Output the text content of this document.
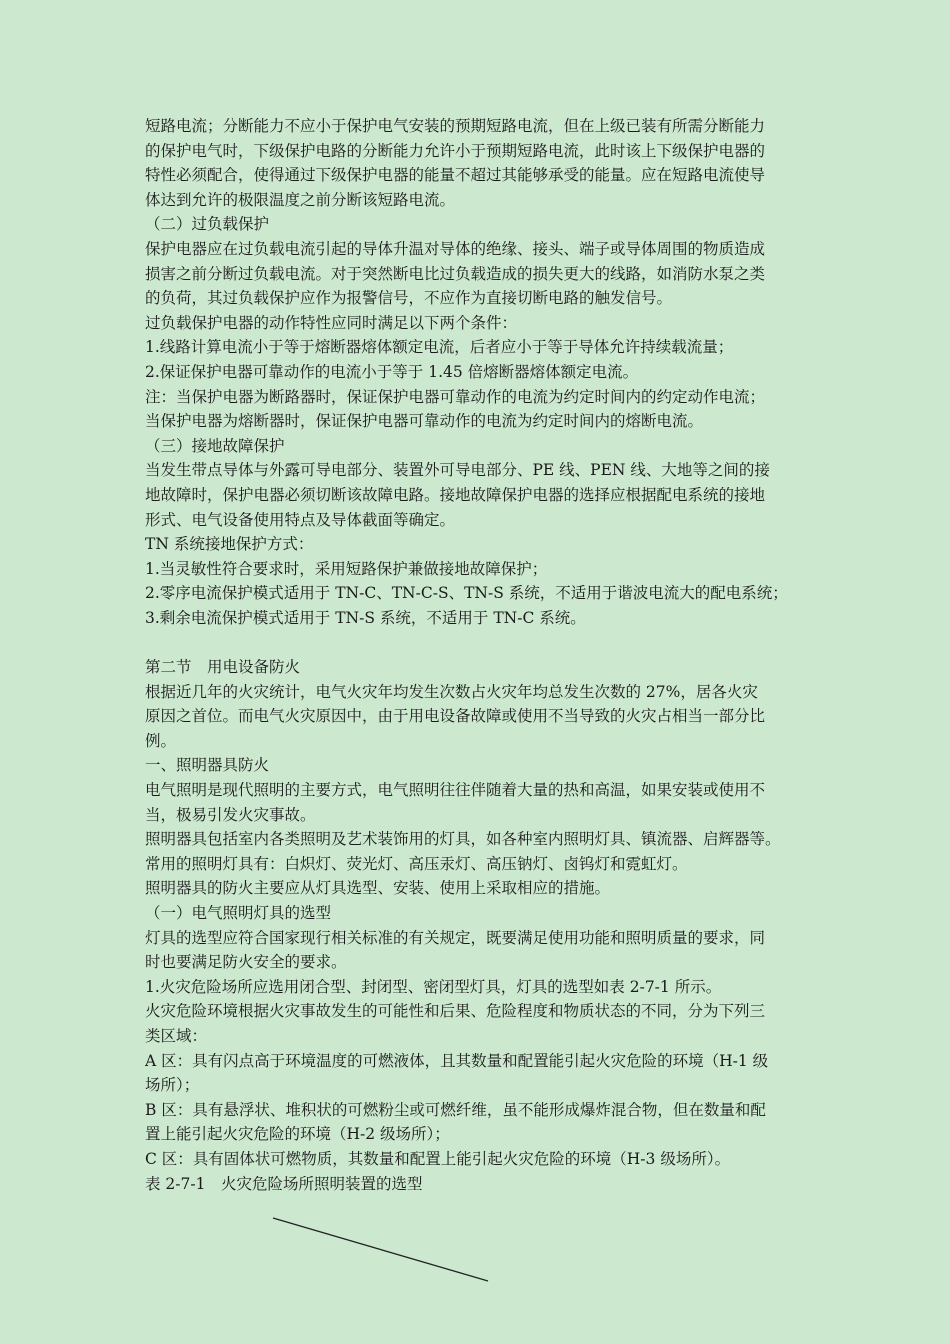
短路电流；分断能力不应小于保护电气安装的预期短路电流，但在上级已装有所需分断能力
的保护电气时，下级保护电路的分断能力允许小于预期短路电流，此时该上下级保护电器的
特性必须配合，使得通过下级保护电器的能量不超过其能够承受的能量。应在短路电流使导
体达到允许的极限温度之前分断该短路电流。
（二）过负载保护
保护电器应在过负载电流引起的导体升温对导体的绝缘、接头、端子或导体周围的物质造成
损害之前分断过负载电流。对于突然断电比过负载造成的损失更大的线路，如消防水泵之类
的负荷，其过负载保护应作为报警信号，不应作为直接切断电路的触发信号。
过负载保护电器的动作特性应同时满足以下两个条件：
1.线路计算电流小于等于熔断器熔体额定电流，后者应小于等于导体允许持续载流量；
2.保证保护电器可靠动作的电流小于等于 1.45 倍熔断器熔体额定电流。
注：当保护电器为断路器时，保证保护电器可靠动作的电流为约定时间内的约定动作电流；
当保护电器为熔断器时，保证保护电器可靠动作的电流为约定时间内的熔断电流。
（三）接地故障保护
当发生带点导体与外露可导电部分、装置外可导电部分、PE 线、PEN 线、大地等之间的接
地故障时，保护电器必须切断该故障电路。接地故障保护电器的选择应根据配电系统的接地
形式、电气设备使用特点及导体截面等确定。
TN 系统接地保护方式：
1.当灵敏性符合要求时，采用短路保护兼做接地故障保护；
2.零序电流保护模式适用于 TN-C、TN-C-S、TN-S 系统，不适用于谐波电流大的配电系统；
3.剩余电流保护模式适用于 TN-S 系统，不适用于 TN-C 系统。
第二节　用电设备防火
根据近几年的火灾统计，电气火灾年均发生次数占火灾年均总发生次数的 27%，居各火灾
原因之首位。而电气火灾原因中，由于用电设备故障或使用不当导致的火灾占相当一部分比
例。
一、照明器具防火
电气照明是现代照明的主要方式，电气照明往往伴随着大量的热和高温，如果安装或使用不
当，极易引发火灾事故。
照明器具包括室内各类照明及艺术装饰用的灯具，如各种室内照明灯具、镇流器、启辉器等。
常用的照明灯具有：白炽灯、荧光灯、高压汞灯、高压钠灯、卤钨灯和霓虹灯。
照明器具的防火主要应从灯具选型、安装、使用上采取相应的措施。
（一）电气照明灯具的选型
灯具的选型应符合国家现行相关标准的有关规定，既要满足使用功能和照明质量的要求，同
时也要满足防火安全的要求。
1.火灾危险场所应选用闭合型、封闭型、密闭型灯具，灯具的选型如表 2-7-1 所示。
火灾危险环境根据火灾事故发生的可能性和后果、危险程度和物质状态的不同，分为下列三
类区域：
A 区：具有闪点高于环境温度的可燃液体，且其数量和配置能引起火灾危险的环境（H-1 级
场所）；
B 区：具有悬浮状、堆积状的可燃粉尘或可燃纤维，虽不能形成爆炸混合物，但在数量和配
置上能引起火灾危险的环境（H-2 级场所）；
C 区：具有固体状可燃物质，其数量和配置上能引起火灾危险的环境（H-3 级场所）。
表 2-7-1　火灾危险场所照明装置的选型
